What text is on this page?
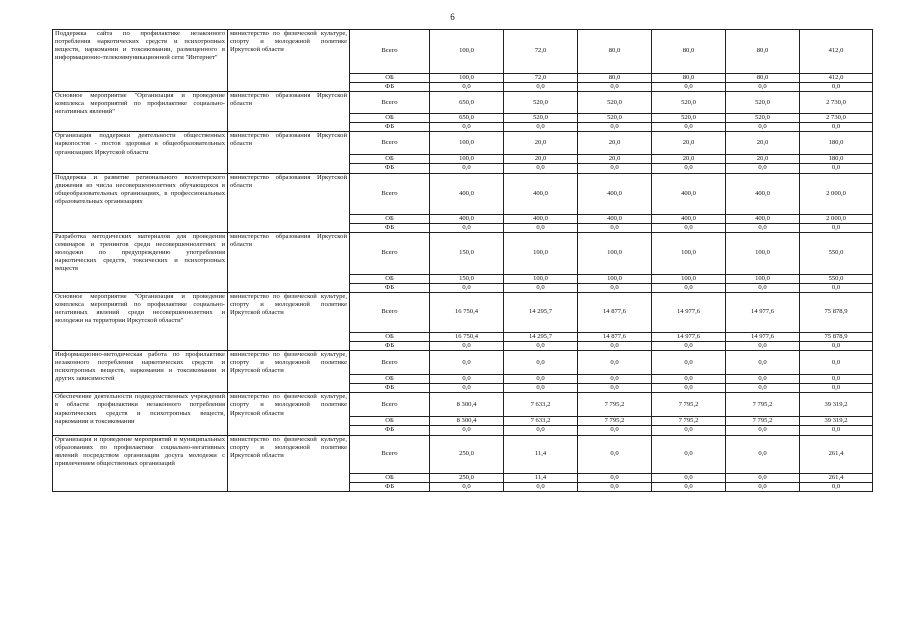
6
Поддержка сайта по профилактике незаконного потребления наркотических средств и психотропных веществ, наркомании и токсикомании, размещенного в информационно-телекоммуникационной сети "Интернет"	министерство по физической культуре, спорту и молодежной политике Иркутской области	Всего	100,0	72,0	80,0	80,0	80,0	412,0
		ОБ	100,0	72,0	80,0	80,0	80,0	412,0
		ФБ	0,0	0,0	0,0	0,0	0,0	0,0
Основное мероприятие "Организация и проведение комплекса мероприятий по профилактике социально-негативных явлений"	министерство образования Иркутской области	Всего	650,0	520,0	520,0	520,0	520,0	2 730,0
		ОБ	650,0	520,0	520,0	520,0	520,0	2 730,0
		ФБ	0,0	0,0	0,0	0,0	0,0	0,0
Организация поддержки деятельности общественных наркопостов - постов здоровья в общеобразовательных организациях Иркутской области	министерство образования Иркутской области	Всего	100,0	20,0	20,0	20,0	20,0	180,0
		ОБ	100,0	20,0	20,0	20,0	20,0	180,0
		ФБ	0,0	0,0	0,0	0,0	0,0	0,0
Поддержка и развитие регионального волонтерского движения из числа несовершеннолетних обучающихся в общеобразовательных организациях, в профессиональных образовательных организациях	министерство образования Иркутской области	Всего	400,0	400,0	400,0	400,0	400,0	2 000,0
		ОБ	400,0	400,0	400,0	400,0	400,0	2 000,0
		ФБ	0,0	0,0	0,0	0,0	0,0	0,0
Разработка методических материалов для проведения семинаров и тренингов среди несовершеннолетних и молодежи по предупреждению употребления наркотических средств, токсических и психотропных веществ	министерство образования Иркутской области	Всего	150,0	100,0	100,0	100,0	100,0	550,0
		ОБ	150,0	100,0	100,0	100,0	100,0	550,0
		ФБ	0,0	0,0	0,0	0,0	0,0	0,0
Основное мероприятие "Организация и проведение комплекса мероприятий по профилактике социально-негативных явлений среди несовершеннолетних и молодежи на территории Иркутской области"	министерство по физической культуре, спорту и молодежной политике Иркутской области	Всего	16 750,4	14 295,7	14 877,6	14 977,6	14 977,6	75 878,9
		ОБ	16 750,4	14 295,7	14 877,6	14 977,6	14 977,6	75 878,9
		ФБ	0,0	0,0	0,0	0,0	0,0	0,0
Информационно-методическая работа по профилактике незаконного потребления наркотических средств и психотропных веществ, наркомании и токсикомании и других зависимостей	министерство по физической культуре, спорту и молодежной политике Иркутской области	Всего	0,0	0,0	0,0	0,0	0,0	0,0
		ОБ	0,0	0,0	0,0	0,0	0,0	0,0
		ФБ	0,0	0,0	0,0	0,0	0,0	0,0
Обеспечение деятельности подведомственных учреждений в области профилактики незаконного потребления наркотических средств и психотропных веществ, наркомании и токсикомании	министерство по физической культуре, спорту и молодежной политике Иркутской области	Всего	8 300,4	7 633,2	7 795,2	7 795,2	7 795,2	39 319,2
		ОБ	8 300,4	7 633,2	7 795,2	7 795,2	7 795,2	39 319,2
		ФБ	0,0	0,0	0,0	0,0	0,0	0,0
Организация и проведение мероприятий в муниципальных образованиях по профилактике социально-негативных явлений посредством организации досуга молодежи с привлечением общественных организаций	министерство по физической культуре, спорту и молодежной политике Иркутской области	Всего	250,0	11,4	0,0	0,0	0,0	261,4
		ОБ	250,0	11,4	0,0	0,0	0,0	261,4
		ФБ	0,0	0,0	0,0	0,0	0,0	0,0
